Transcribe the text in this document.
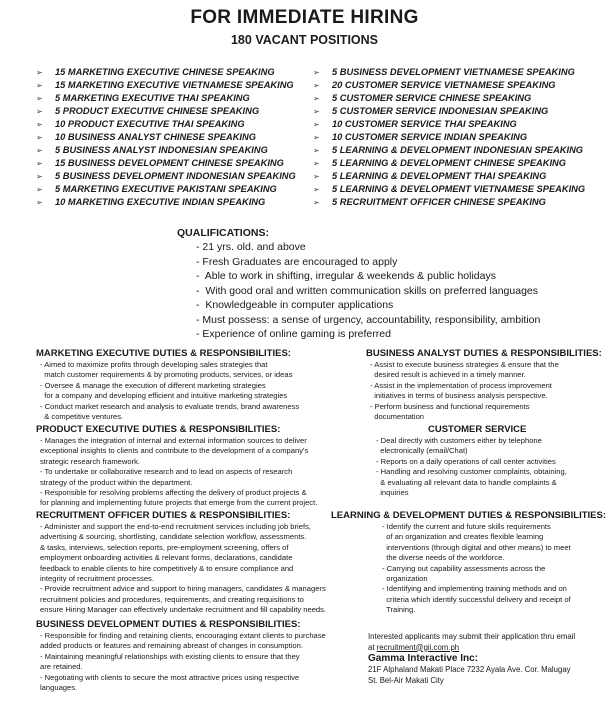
FOR IMMEDIATE HIRING
180 VACANT POSITIONS
➢	15 MARKETING EXECUTIVE CHINESE SPEAKING
➢	15 MARKETING EXECUTIVE VIETNAMESE SPEAKING
➢	5 MARKETING EXECUTIVE THAI SPEAKING
➢	5 PRODUCT EXECUTIVE CHINESE SPEAKING
➢	10 PRODUCT EXECUTIVE THAI SPEAKING
➢	10 BUSINESS ANALYST CHINESE SPEAKING
➢	5 BUSINESS ANALYST INDONESIAN SPEAKING
➢	15 BUSINESS DEVELOPMENT CHINESE SPEAKING
➢	5 BUSINESS DEVELOPMENT INDONESIAN SPEAKING
➢	5 MARKETING EXECUTIVE PAKISTANI SPEAKING
➢	10 MARKETING EXECUTIVE INDIAN SPEAKING
➢	5 BUSINESS DEVELOPMENT VIETNAMESE SPEAKING
➢	20 CUSTOMER SERVICE VIETNAMESE SPEAKING
➢	5 CUSTOMER SERVICE CHINESE SPEAKING
➢	5 CUSTOMER SERVICE INDONESIAN SPEAKING
➢	10 CUSTOMER SERVICE THAI SPEAKING
➢	10 CUSTOMER SERVICE INDIAN SPEAKING
➢	5 LEARNING & DEVELOPMENT INDONESIAN SPEAKING
➢	5 LEARNING & DEVELOPMENT CHINESE SPEAKING
➢	5 LEARNING & DEVELOPMENT THAI SPEAKING
➢	5 LEARNING & DEVELOPMENT VIETNAMESE SPEAKING
➢	5 RECRUITMENT OFFICER CHINESE SPEAKING
QUALIFICATIONS:
- 21 yrs. old. and above
- Fresh Graduates are encouraged to apply
-  Able to work in shifting, irregular & weekends & public holidays
-  With good oral and written communication skills on preferred languages
-  Knowledgeable in computer applications
- Must possess: a sense of urgency, accountability, responsibility, ambition
- Experience of online gaming is preferred
MARKETING EXECUTIVE DUTIES & RESPONSIBILITIES:
- Aimed to maximize profits through developing sales strategies that
match customer requirements & by promoting products, services, or ideas
- Oversee & manage the execution of different marketing strategies
for a company and developing efficient and intuitive marketing strategies
- Conduct market research and analysis to evaluate trends, brand awareness
& competitive ventures.
BUSINESS ANALYST DUTIES & RESPONSIBILITIES:
- Assist to execute business strategies & ensure that the
desired result is achieved in a timely manner.
- Assist in the implementation of process improvement
initiatives in terms of business analysis perspective.
- Perform business and functional requirements
documentation
PRODUCT EXECUTIVE DUTIES & RESPONSIBILITIES:
- Manages the integration of internal and external information sources to deliver
exceptional insights to clients and contribute to the development of a company's
strategic research framework.
- To undertake or collaborative research and to lead on aspects of research
strategy of the product within the department.
- Responsible for resolving problems affecting the delivery of product projects &
for planning and implementing future projects that emerge from the current project.
CUSTOMER SERVICE
- Deal directly with customers either by telephone
electronically (email/Chat)
- Reports on a daily operations of call center activities
- Handling and resolving customer complaints, obtaining,
& evaluating all relevant data to handle complaints &
inquiries
RECRUITMENT OFFICER DUTIES & RESPONSIBILITIES:
- Administer and support the end-to-end recruitment services including job briefs,
advertising & sourcing, shortlisting, candidate selection workflow, assessments.
& tasks, interviews, selection reports, pre-employment screening, offers of
employment onboarding activities & relevant forms, declarations, candidate
feedback to enable clients to hire competitively & to ensure compliance and
integrity of recruitment processes.
- Provide recruitment advice and support to hiring managers, candidates & managers
recruitment policies and procedures, requirements, and creating requisitions to
ensure Hiring Manager can effectively undertake recruitment and fill capability needs.
LEARNING & DEVELOPMENT DUTIES & RESPONSIBILITIES:
- Identify the current and future skills requirements
of an organization and creates flexible learning
interventions (through digital and other means) to meet
the diverse needs of the workforce.
- Carrying out capability assessments across the
organization
- Identifying and implementing training methods and on
criteria which identify successful delivery and receipt of
Training.
BUSINESS DEVELOPMENT DUTIES & RESPONSIBILITIES:
- Responsible for finding and retaining clients, encouraging extant clients to purchase
added products or features and remaining abreast of changes in consumption.
- Maintaining meaningful relationships with existing clients to ensure that they
are retained.
- Negotiating with clients to secure the most attractive prices using respective
languages.
Interested applicants may submit their application thru email
at recruitment@gii.com.ph
Gamma Interactive Inc:
21F Alphaland Makati Place 7232 Ayala Ave. Cor. Malugay
St. Bel-Air Makati City
